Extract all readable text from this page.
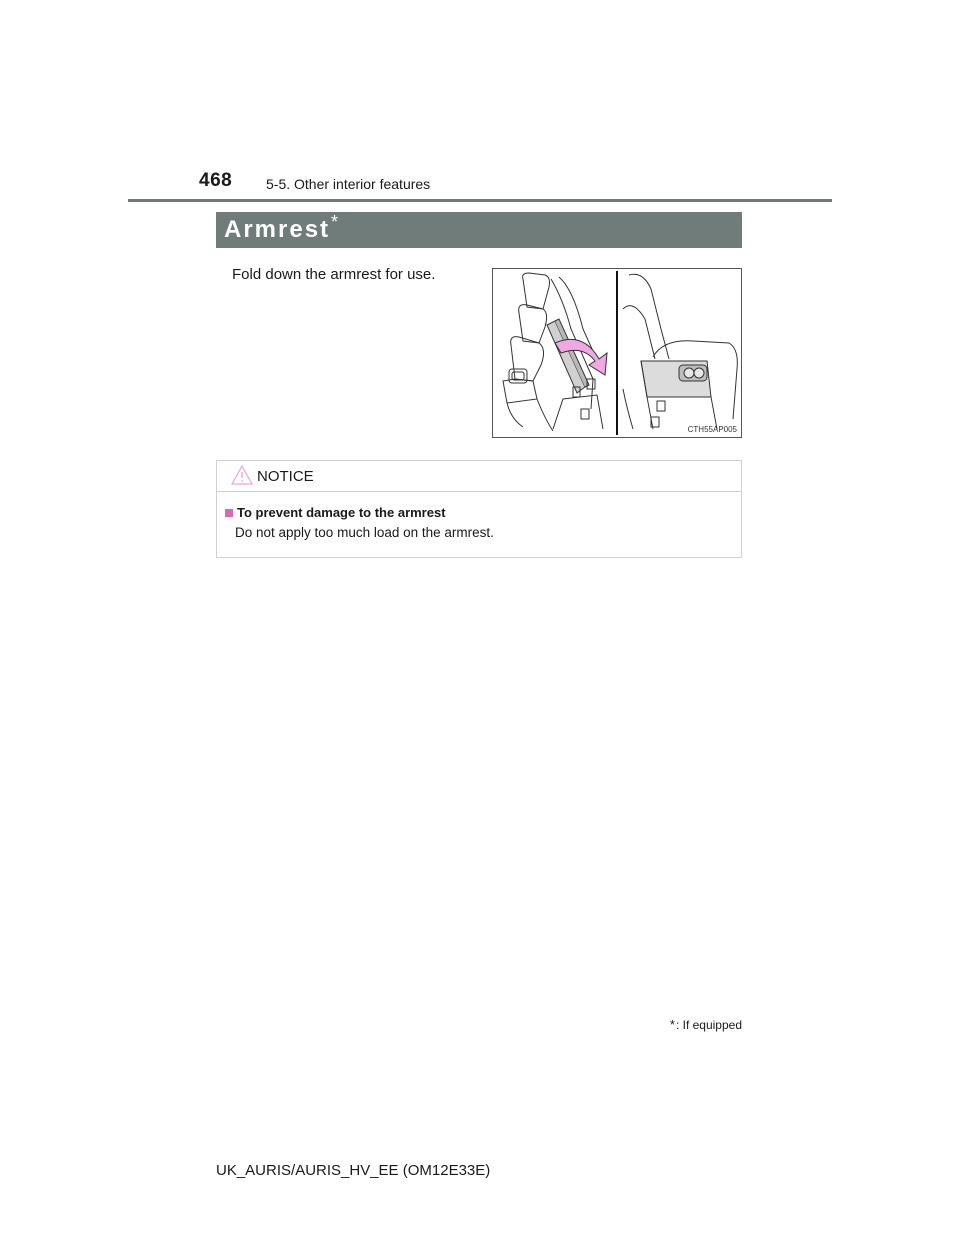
468 5-5. Other interior features
Armrest*
Fold down the armrest for use.
CTH55AP005
NOTICE
To prevent damage to the armrest
Do not apply too much load on the armrest.
* : If equipped
UK_AURIS/AURIS_HV_EE (OM12E33E)
